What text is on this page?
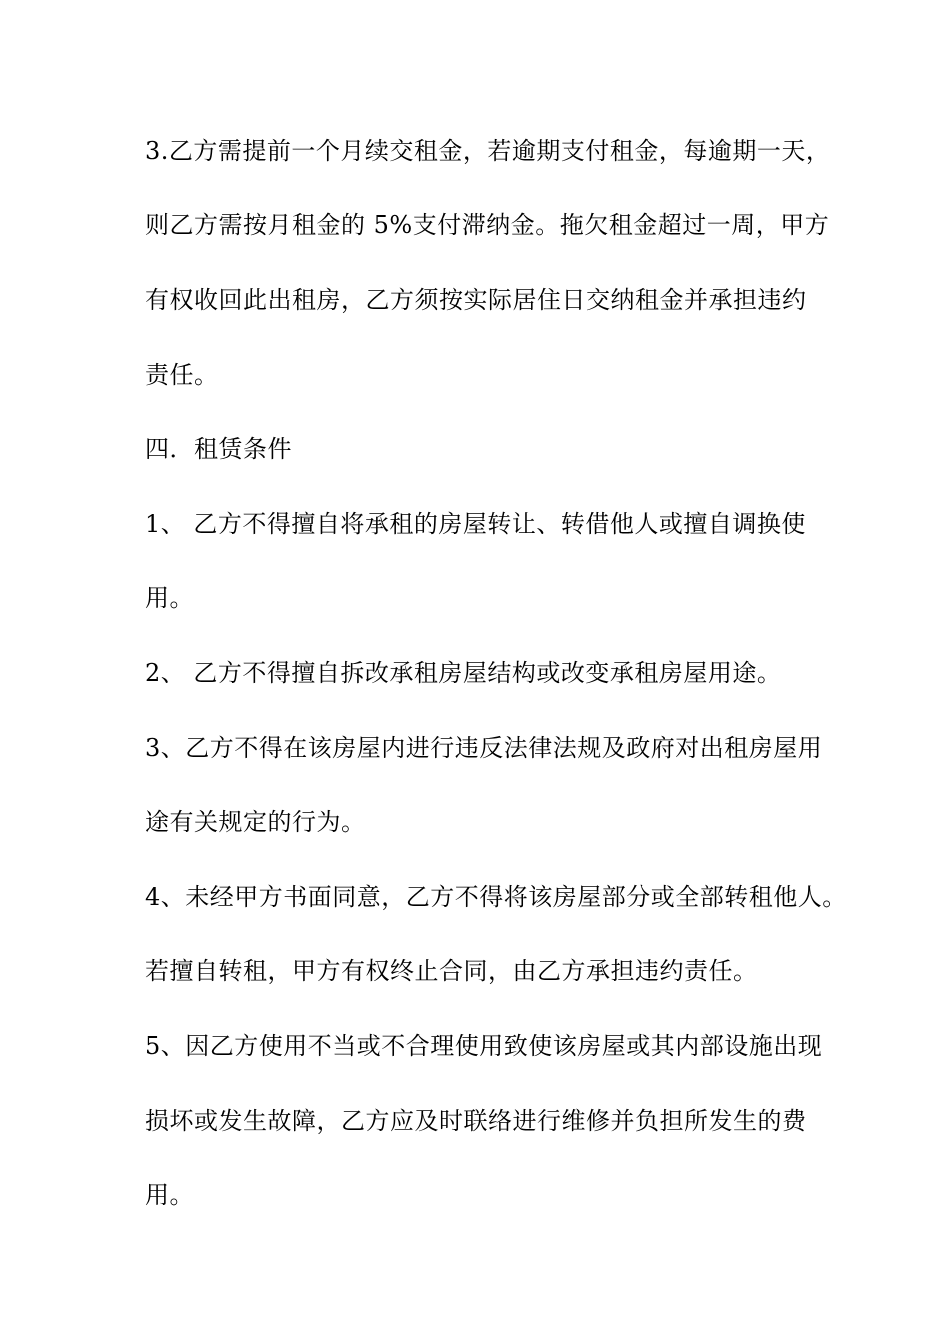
3.乙方需提前一个月续交租金，若逾期支付租金，每逾期一天，
则乙方需按月租金的 5%支付滞纳金。拖欠租金超过一周，甲方
有权收回此出租房，乙方须按实际居住日交纳租金并承担违约
责任。
四．租赁条件
1、 乙方不得擅自将承租的房屋转让、转借他人或擅自调换使
用。
2、 乙方不得擅自拆改承租房屋结构或改变承租房屋用途。
3、乙方不得在该房屋内进行违反法律法规及政府对出租房屋用
途有关规定的行为。
4、未经甲方书面同意，乙方不得将该房屋部分或全部转租他人。
若擅自转租，甲方有权终止合同，由乙方承担违约责任。
5、因乙方使用不当或不合理使用致使该房屋或其内部设施出现
损坏或发生故障，乙方应及时联络进行维修并负担所发生的费
用。
